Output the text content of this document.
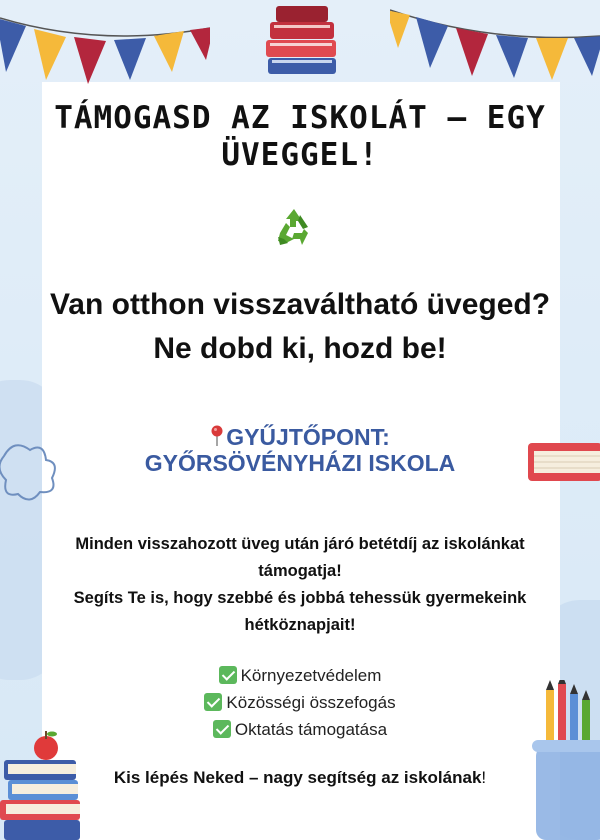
TÁMOGASD AZ ISKOLÁT – EGY
ÜVEGGEL!
Van otthon visszaváltható üveged?
Ne dobd ki, hozd be!
GYŰJTŐPONT:
GYŐRSÖVÉNYHÁZI ISKOLA
Minden visszahozott üveg után járó betétdíj az iskolánkat
támogatja!
Segíts Te is, hogy szebbé és jobbá tehessük gyermekeink
hétköznapjait!
Környezetvédelem
Közösségi összefogás
Oktatás támogatása
Kis lépés Neked – nagy segítség az iskolának!
